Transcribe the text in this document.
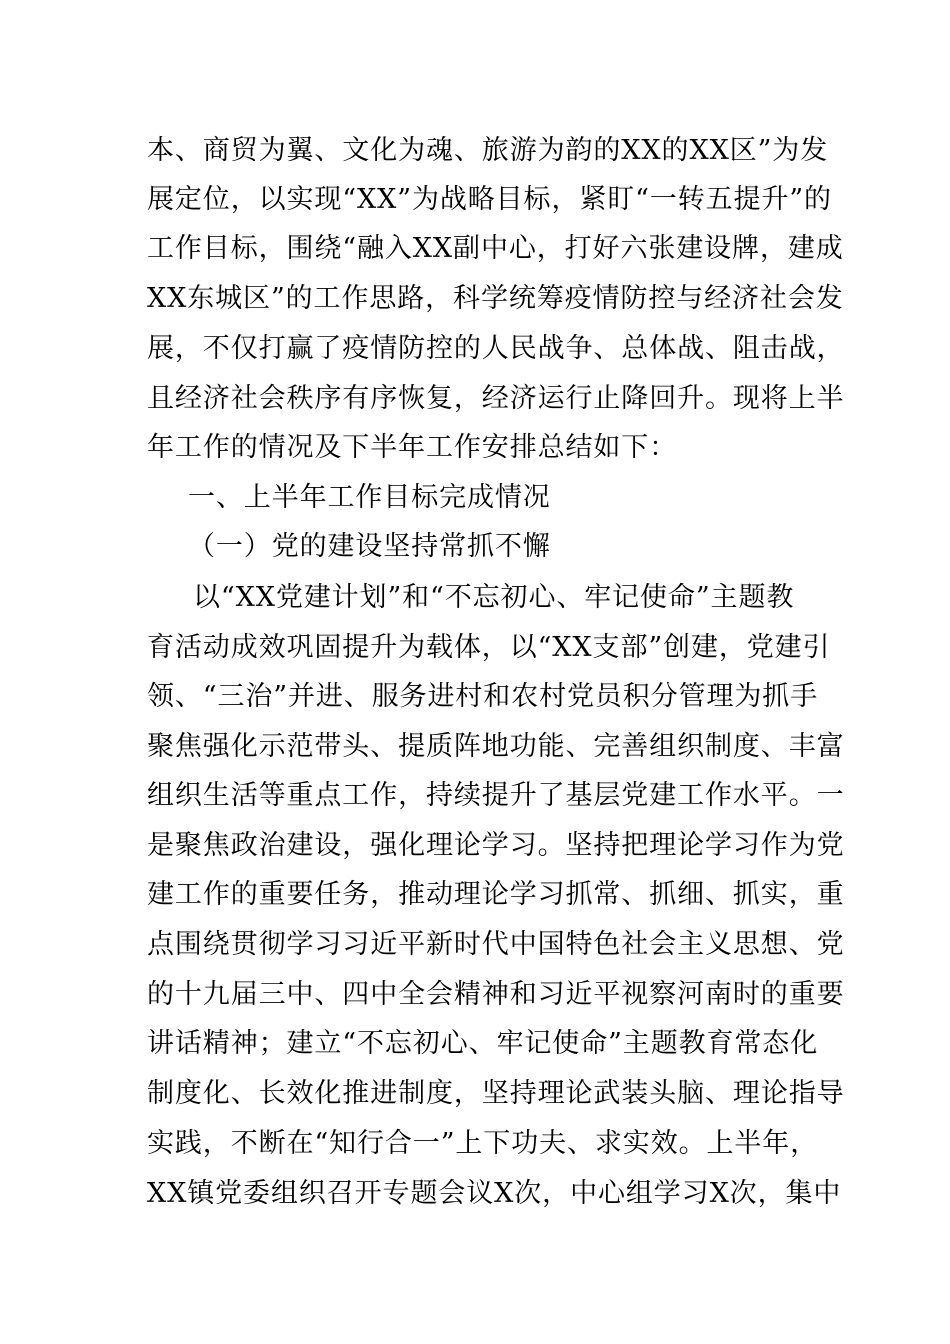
本、商贸为翼、文化为魂、旅游为韵的XX的XX区”为发
展定位，以实现“XX”为战略目标，紧盯“一转五提升”的
工作目标，围绕“融入XX副中心，打好六张建设牌，建成
XX东城区”的工作思路，科学统筹疫情防控与经济社会发
展，不仅打赢了疫情防控的人民战争、总体战、阻击战，
且经济社会秩序有序恢复，经济运行止降回升。现将上半
年工作的情况及下半年工作安排总结如下：
一、上半年工作目标完成情况
（一）党的建设坚持常抓不懈
以“XX党建计划”和“不忘初心、牢记使命”主题教
育活动成效巩固提升为载体，以“XX支部”创建，党建引
领、“三治”并进、服务进村和农村党员积分管理为抓手
聚焦强化示范带头、提质阵地功能、完善组织制度、丰富
组织生活等重点工作，持续提升了基层党建工作水平。一
是聚焦政治建设，强化理论学习。坚持把理论学习作为党
建工作的重要任务，推动理论学习抓常、抓细、抓实，重
点围绕贯彻学习习近平新时代中国特色社会主义思想、党
的十九届三中、四中全会精神和习近平视察河南时的重要
讲话精神；建立“不忘初心、牢记使命”主题教育常态化
制度化、长效化推进制度，坚持理论武装头脑、理论指导
实践，不断在“知行合一”上下功夫、求实效。上半年，
XX镇党委组织召开专题会议X次，中心组学习X次，集中
